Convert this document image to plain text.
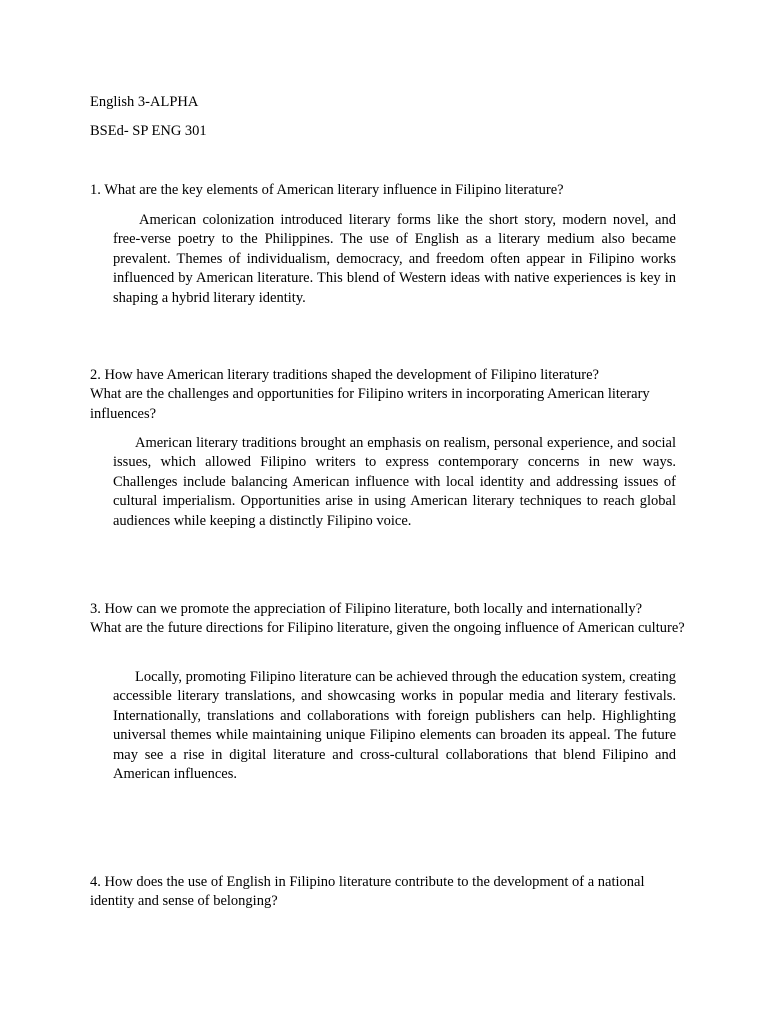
English 3-ALPHA

BSEd- SP ENG 301

1. What are the key elements of American literary influence in Filipino literature?

American colonization introduced literary forms like the short story, modern novel, and free-verse poetry to the Philippines. The use of English as a literary medium also became prevalent. Themes of individualism, democracy, and freedom often appear in Filipino works influenced by American literature. This blend of Western ideas with native experiences is key in shaping a hybrid literary identity.

2. How have American literary traditions shaped the development of Filipino literature?
What are the challenges and opportunities for Filipino writers in incorporating American literary influences?

American literary traditions brought an emphasis on realism, personal experience, and social issues, which allowed Filipino writers to express contemporary concerns in new ways. Challenges include balancing American influence with local identity and addressing issues of cultural imperialism. Opportunities arise in using American literary techniques to reach global audiences while keeping a distinctly Filipino voice.

3. How can we promote the appreciation of Filipino literature, both locally and internationally?
What are the future directions for Filipino literature, given the ongoing influence of American culture?

Locally, promoting Filipino literature can be achieved through the education system, creating accessible literary translations, and showcasing works in popular media and literary festivals. Internationally, translations and collaborations with foreign publishers can help. Highlighting universal themes while maintaining unique Filipino elements can broaden its appeal. The future may see a rise in digital literature and cross-cultural collaborations that blend Filipino and American influences.

4. How does the use of English in Filipino literature contribute to the development of a national identity and sense of belonging?
